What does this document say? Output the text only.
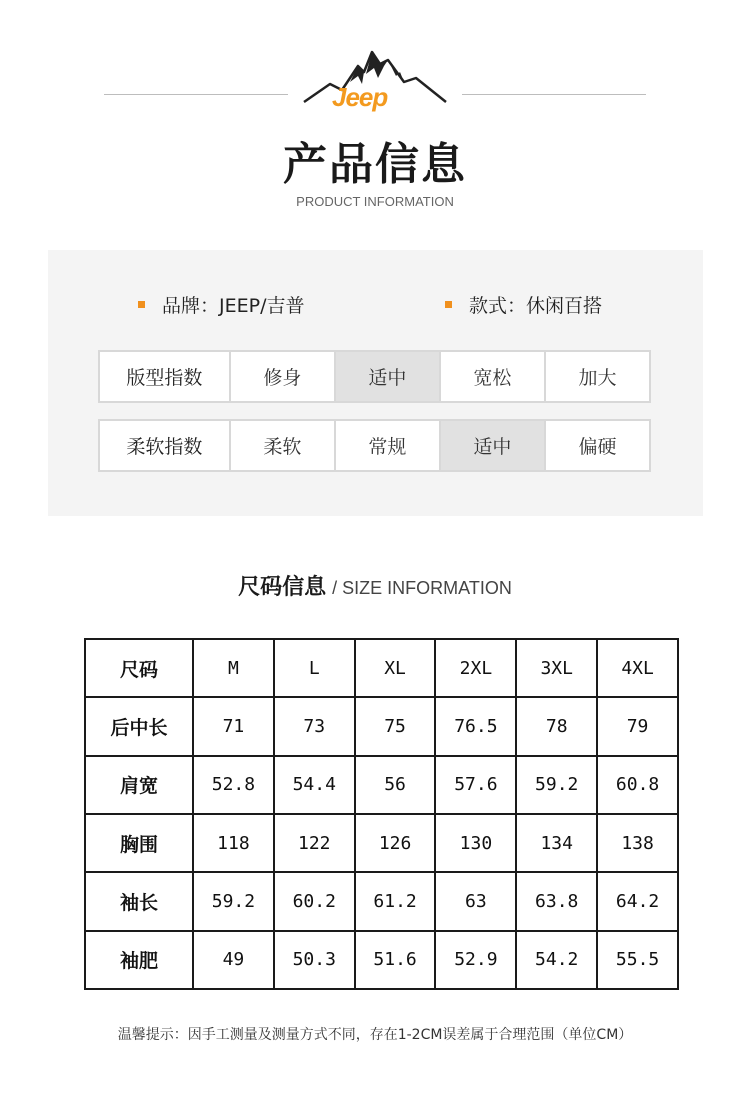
Jeep
产品信息
PRODUCT INFORMATION
品牌：JEEP/吉普	款式：休闲百搭
版型指数	修身	适中	宽松	加大
柔软指数	柔软	常规	适中	偏硬
尺码信息 / SIZE INFORMATION
尺码	M	L	XL	2XL	3XL	4XL
后中长	71	73	75	76.5	78	79
肩宽	52.8	54.4	56	57.6	59.2	60.8
胸围	118	122	126	130	134	138
袖长	59.2	60.2	61.2	63	63.8	64.2
袖肥	49	50.3	51.6	52.9	54.2	55.5
温馨提示：因手工测量及测量方式不同，存在1-2CM误差属于合理范围（单位CM）
